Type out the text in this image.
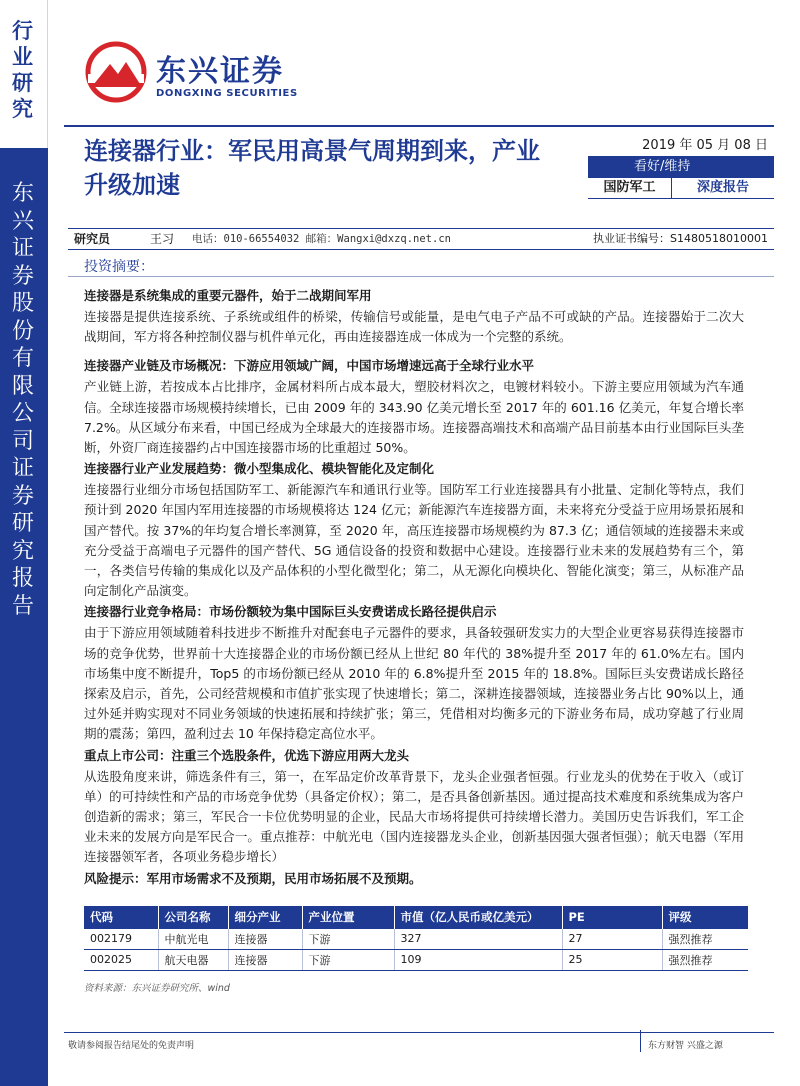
行业研究
东兴证券股份有限公司证券研究报告
东兴证券
DONGXING SECURITIES
连接器行业：军民用高景气周期到来，产业升级加速
2019 年 05 月 08 日
看好/维持
国防军工	深度报告
研究员	王习 电话：010-66554032 邮箱：Wangxi@dxzq.net.cn	执业证书编号：S1480518010001
投资摘要：
连接器是系统集成的重要元器件，始于二战期间军用
连接器是提供连接系统、子系统或组件的桥梁，传输信号或能量，是电气电子产品不可或缺的产品。连接器始于二次大战期间，军方将各种控制仪器与机件单元化，再由连接器连成一体成为一个完整的系统。
连接器产业链及市场概况：下游应用领域广阔，中国市场增速远高于全球行业水平
产业链上游，若按成本占比排序，金属材料所占成本最大，塑胶材料次之，电镀材料较小。下游主要应用领域为汽车通信。全球连接器市场规模持续增长，已由 2009 年的 343.90 亿美元增长至 2017 年的 601.16 亿美元，年复合增长率 7.2%。从区域分布来看，中国已经成为全球最大的连接器市场。连接器高端技术和高端产品目前基本由行业国际巨头垄断，外资厂商连接器约占中国连接器市场的比重超过 50%。
连接器行业产业发展趋势：微小型集成化、模块智能化及定制化
连接器行业细分市场包括国防军工、新能源汽车和通讯行业等。国防军工行业连接器具有小批量、定制化等特点，我们预计到 2020 年国内军用连接器的市场规模将达 124 亿元；新能源汽车连接器方面，未来将充分受益于应用场景拓展和国产替代。按 37%的年均复合增长率测算，至 2020 年，高压连接器市场规模约为 87.3 亿；通信领域的连接器未来或充分受益于高端电子元器件的国产替代、5G 通信设备的投资和数据中心建设。连接器行业未来的发展趋势有三个，第一，各类信号传输的集成化以及产品体积的小型化微型化；第二，从无源化向模块化、智能化演变；第三，从标准产品向定制化产品演变。
连接器行业竞争格局：市场份额较为集中国际巨头安费诺成长路径提供启示
由于下游应用领域随着科技进步不断推升对配套电子元器件的要求，具备较强研发实力的大型企业更容易获得连接器市场的竞争优势，世界前十大连接器企业的市场份额已经从上世纪 80 年代的 38%提升至 2017 年的 61.0%左右。国内市场集中度不断提升，Top5 的市场份额已经从 2010 年的 6.8%提升至 2015 年的 18.8%。国际巨头安费诺成长路径探索及启示，首先，公司经营规模和市值扩张实现了快速增长；第二，深耕连接器领域，连接器业务占比 90%以上，通过外延并购实现对不同业务领域的快速拓展和持续扩张；第三，凭借相对均衡多元的下游业务布局，成功穿越了行业周期的震荡；第四，盈利过去 10 年保持稳定高位水平。
重点上市公司：注重三个选股条件，优选下游应用两大龙头
从选股角度来讲，筛选条件有三，第一，在军品定价改革背景下，龙头企业强者恒强。行业龙头的优势在于收入（或订单）的可持续性和产品的市场竞争优势（具备定价权）；第二，是否具备创新基因。通过提高技术难度和系统集成为客户创造新的需求；第三，军民合一卡位优势明显的企业，民品大市场将提供可持续增长潜力。美国历史告诉我们，军工企业未来的发展方向是军民合一。重点推荐：中航光电（国内连接器龙头企业，创新基因强大强者恒强）；航天电器（军用连接器领军者，各项业务稳步增长）
风险提示：军用市场需求不及预期，民用市场拓展不及预期。
代码	公司名称	细分产业	产业位置	市值（亿人民币或亿美元）	PE	评级
002179	中航光电	连接器	下游	327	27	强烈推荐
002025	航天电器	连接器	下游	109	25	强烈推荐
资料来源：东兴证券研究所、wind
敬请参阅报告结尾处的免责声明	东方财智 兴盛之源
